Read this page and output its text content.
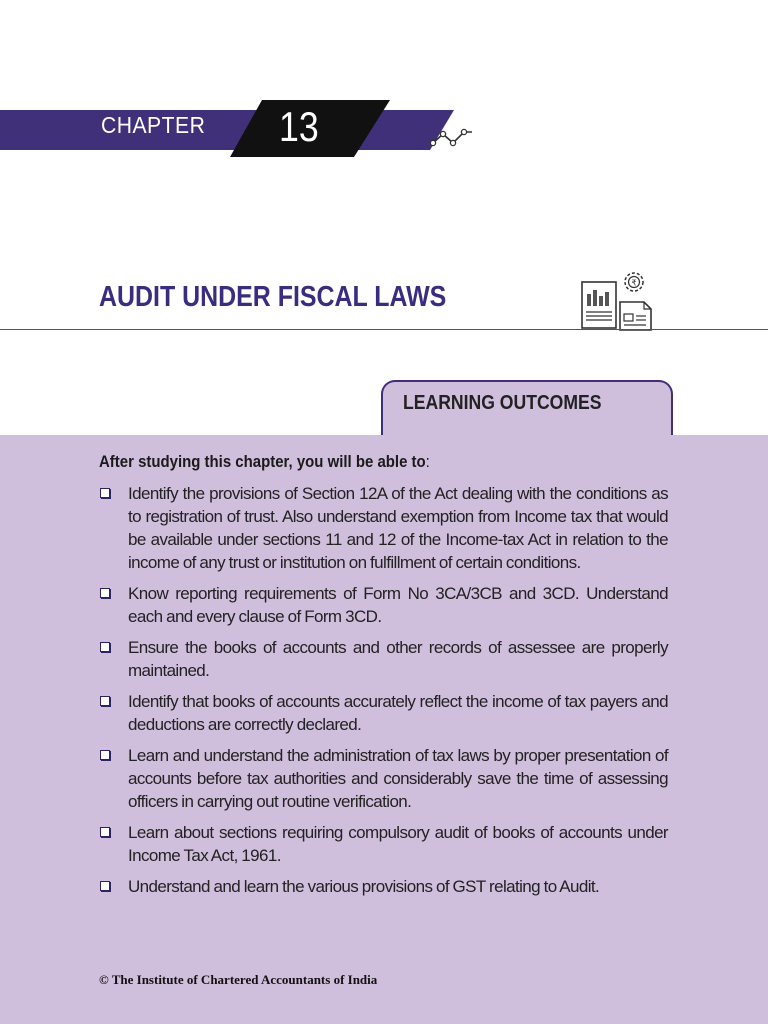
CHAPTER 13
AUDIT UNDER FISCAL LAWS	₹
LEARNING OUTCOMES

After studying this chapter, you will be able to:

Identify the provisions of Section 12A of the Act dealing with the conditions as to registration of trust. Also understand exemption from Income tax that would be available under sections 11 and 12 of the Income-tax Act in relation to the income of any trust or institution on fulfillment of certain conditions.
Know reporting requirements of Form No 3CA/3CB and 3CD. Understand each and every clause of Form 3CD.
Ensure the books of accounts and other records of assessee are properly maintained.
Identify that books of accounts accurately reflect the income of tax payers and deductions are correctly declared.
Learn and understand the administration of tax laws by proper presentation of accounts before tax authorities and considerably save the time of assessing officers in carrying out routine verification.
Learn about sections requiring compulsory audit of books of accounts under Income Tax Act, 1961.
Understand and learn the various provisions of GST relating to Audit.

© The Institute of Chartered Accountants of India
